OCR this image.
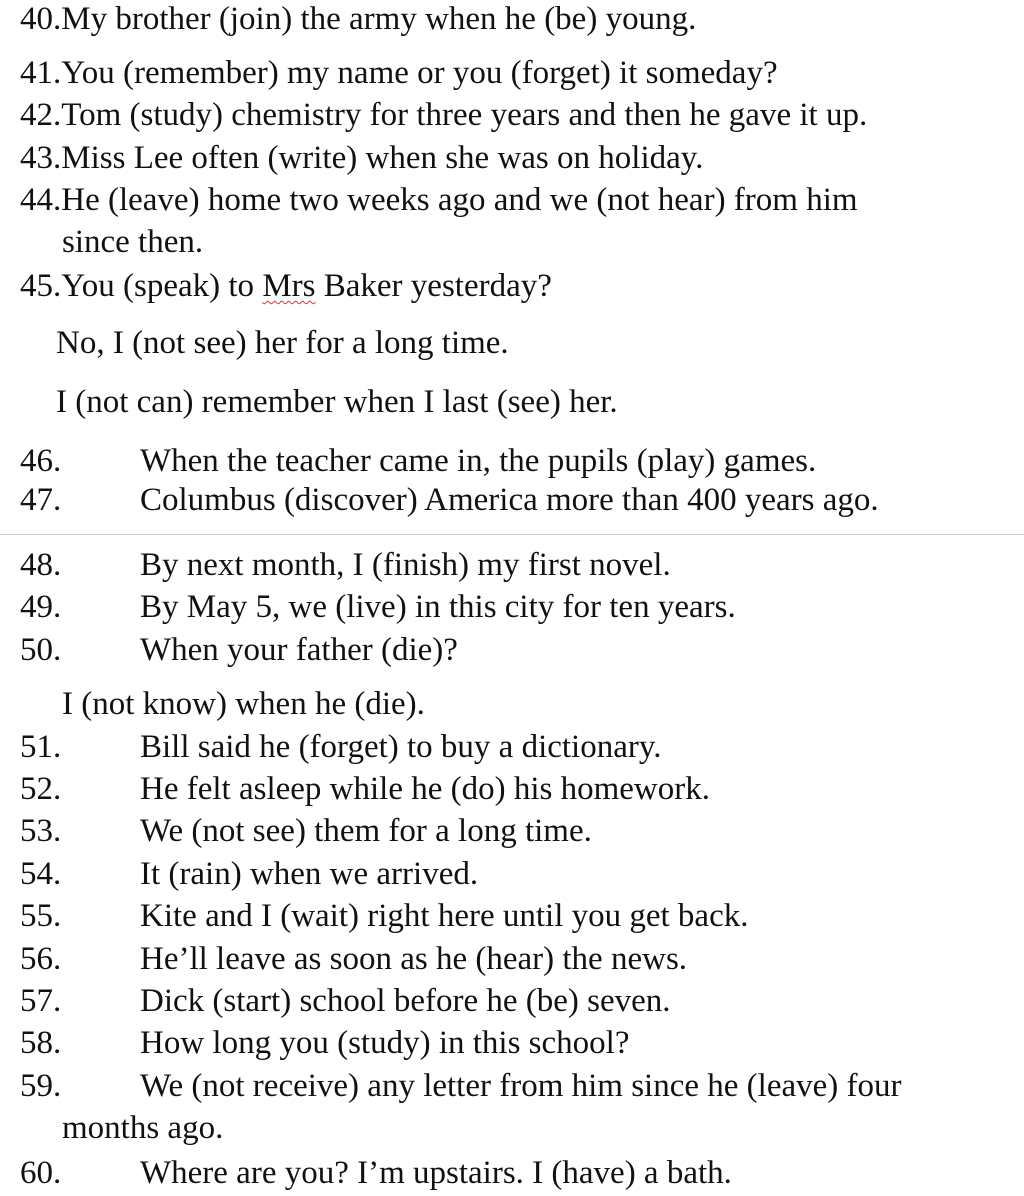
40.My brother (join) the army when he (be) young.
41.You (remember) my name or you (forget) it someday?
42.Tom (study) chemistry for three years and then he gave it up.
43.Miss Lee often (write) when she was on holiday.
44.He (leave) home two weeks ago and we (not hear) from him
since then.
45.You (speak) to Mrs Baker yesterday?
No, I (not see) her for a long time.
I (not can) remember when I last (see) her.
46. When the teacher came in, the pupils (play) games.
47. Columbus (discover) America more than 400 years ago.
48. By next month, I (finish) my first novel.
49. By May 5, we (live) in this city for ten years.
50. When your father (die)?
I (not know) when he (die).
51. Bill said he (forget) to buy a dictionary.
52. He felt asleep while he (do) his homework.
53. We (not see) them for a long time.
54. It (rain) when we arrived.
55. Kite and I (wait) right here until you get back.
56. He’ll leave as soon as he (hear) the news.
57. Dick (start) school before he (be) seven.
58. How long you (study) in this school?
59. We (not receive) any letter from him since he (leave) four
months ago.
60. Where are you? I’m upstairs. I (have) a bath.
